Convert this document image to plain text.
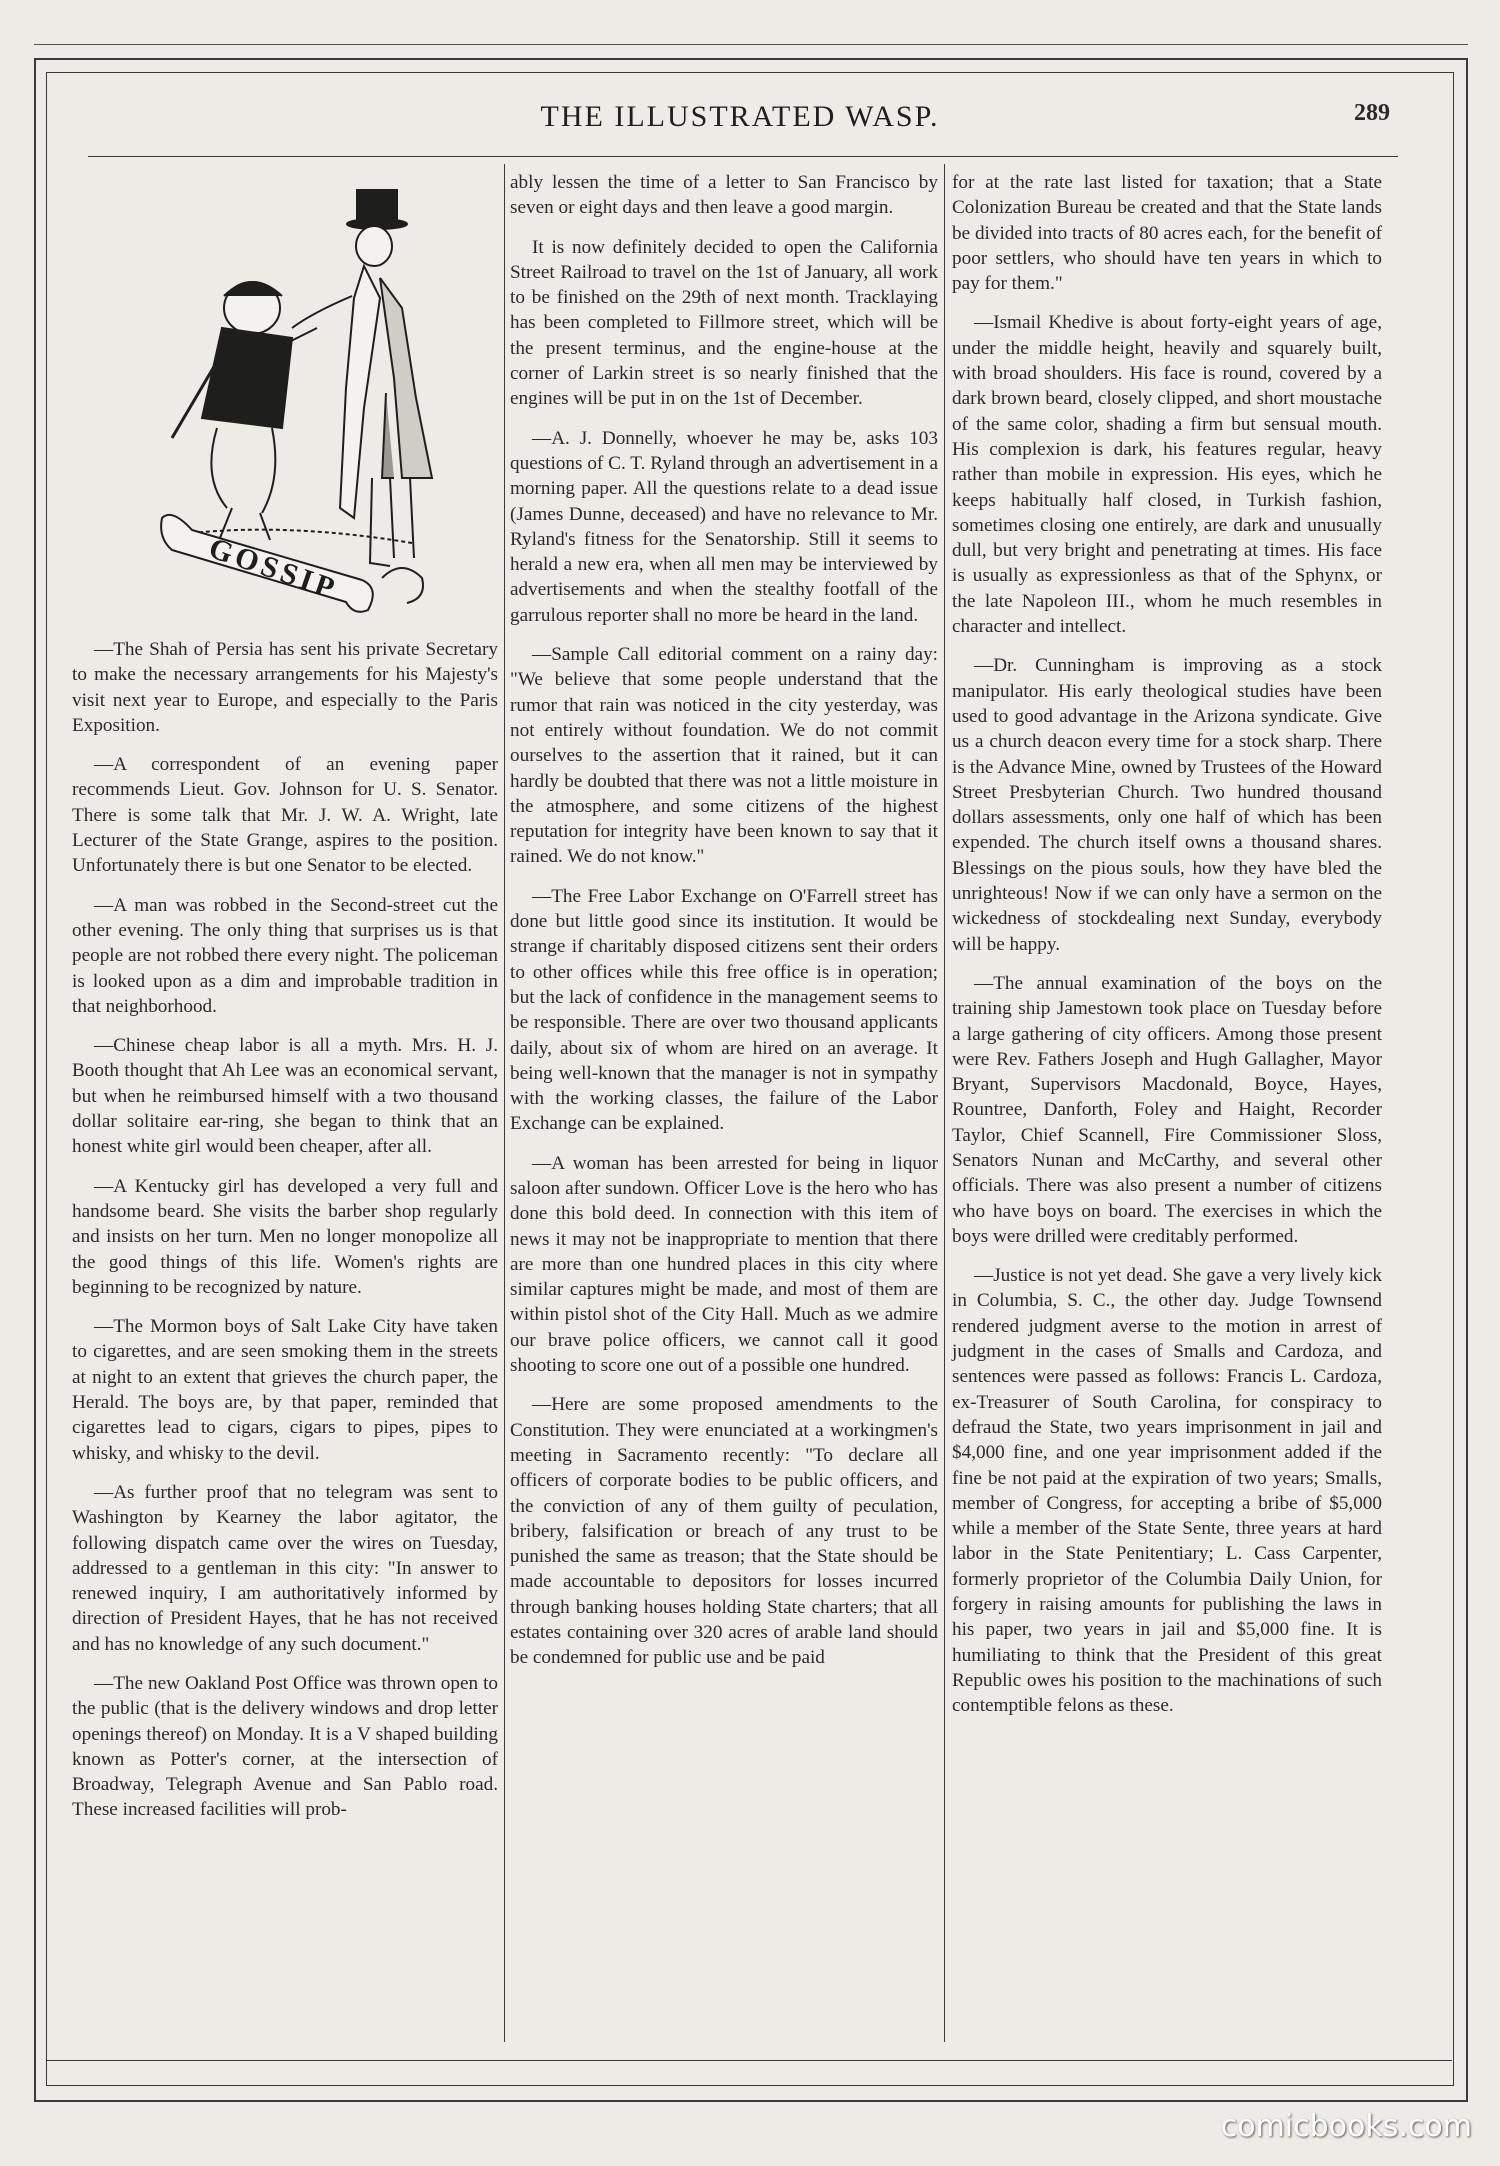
THE ILLUSTRATED WASP.	289
GOSSIP

—The Shah of Persia has sent his private Secretary to make the necessary arrangements for his Majesty's visit next year to Europe, and especially to the Paris Exposition.

—A correspondent of an evening paper recommends Lieut. Gov. Johnson for U. S. Senator. There is some talk that Mr. J. W. A. Wright, late Lecturer of the State Grange, aspires to the position. Unfortunately there is but one Senator to be elected.

—A man was robbed in the Second-street cut the other evening. The only thing that surprises us is that people are not robbed there every night. The policeman is looked upon as a dim and improbable tradition in that neighborhood.

—Chinese cheap labor is all a myth. Mrs. H. J. Booth thought that Ah Lee was an economical servant, but when he reimbursed himself with a two thousand dollar solitaire ear-ring, she began to think that an honest white girl would been cheaper, after all.

—A Kentucky girl has developed a very full and handsome beard. She visits the barber shop regularly and insists on her turn. Men no longer monopolize all the good things of this life. Women's rights are beginning to be recognized by nature.

—The Mormon boys of Salt Lake City have taken to cigarettes, and are seen smoking them in the streets at night to an extent that grieves the church paper, the Herald. The boys are, by that paper, reminded that cigarettes lead to cigars, cigars to pipes, pipes to whisky, and whisky to the devil.

—As further proof that no telegram was sent to Washington by Kearney the labor agitator, the following dispatch came over the wires on Tuesday, addressed to a gentleman in this city: "In answer to renewed inquiry, I am authoritatively informed by direction of President Hayes, that he has not received and has no knowledge of any such document."

—The new Oakland Post Office was thrown open to the public (that is the delivery windows and drop letter openings thereof) on Monday. It is a V shaped building known as Potter's corner, at the intersection of Broadway, Telegraph Avenue and San Pablo road. These increased facilities will prob-

ably lessen the time of a letter to San Francisco by seven or eight days and then leave a good margin.

It is now definitely decided to open the California Street Railroad to travel on the 1st of January, all work to be finished on the 29th of next month. Tracklaying has been completed to Fillmore street, which will be the present terminus, and the engine-house at the corner of Larkin street is so nearly finished that the engines will be put in on the 1st of December.

—A. J. Donnelly, whoever he may be, asks 103 questions of C. T. Ryland through an advertisement in a morning paper. All the questions relate to a dead issue (James Dunne, deceased) and have no relevance to Mr. Ryland's fitness for the Senatorship. Still it seems to herald a new era, when all men may be interviewed by advertisements and when the stealthy footfall of the garrulous reporter shall no more be heard in the land.

—Sample Call editorial comment on a rainy day: "We believe that some people understand that the rumor that rain was noticed in the city yesterday, was not entirely without foundation. We do not commit ourselves to the assertion that it rained, but it can hardly be doubted that there was not a little moisture in the atmosphere, and some citizens of the highest reputation for integrity have been known to say that it rained. We do not know."

—The Free Labor Exchange on O'Farrell street has done but little good since its institution. It would be strange if charitably disposed citizens sent their orders to other offices while this free office is in operation; but the lack of confidence in the management seems to be responsible. There are over two thousand applicants daily, about six of whom are hired on an average. It being well-known that the manager is not in sympathy with the working classes, the failure of the Labor Exchange can be explained.

—A woman has been arrested for being in liquor saloon after sundown. Officer Love is the hero who has done this bold deed. In connection with this item of news it may not be inappropriate to mention that there are more than one hundred places in this city where similar captures might be made, and most of them are within pistol shot of the City Hall. Much as we admire our brave police officers, we cannot call it good shooting to score one out of a possible one hundred.

—Here are some proposed amendments to the Constitution. They were enunciated at a workingmen's meeting in Sacramento recently: "To declare all officers of corporate bodies to be public officers, and the conviction of any of them guilty of peculation, bribery, falsification or breach of any trust to be punished the same as treason; that the State should be made accountable to depositors for losses incurred through banking houses holding State charters; that all estates containing over 320 acres of arable land should be condemned for public use and be paid

for at the rate last listed for taxation; that a State Colonization Bureau be created and that the State lands be divided into tracts of 80 acres each, for the benefit of poor settlers, who should have ten years in which to pay for them."

—Ismail Khedive is about forty-eight years of age, under the middle height, heavily and squarely built, with broad shoulders. His face is round, covered by a dark brown beard, closely clipped, and short moustache of the same color, shading a firm but sensual mouth. His complexion is dark, his features regular, heavy rather than mobile in expression. His eyes, which he keeps habitually half closed, in Turkish fashion, sometimes closing one entirely, are dark and unusually dull, but very bright and penetrating at times. His face is usually as expressionless as that of the Sphynx, or the late Napoleon III., whom he much resembles in character and intellect.

—Dr. Cunningham is improving as a stock manipulator. His early theological studies have been used to good advantage in the Arizona syndicate. Give us a church deacon every time for a stock sharp. There is the Advance Mine, owned by Trustees of the Howard Street Presbyterian Church. Two hundred thousand dollars assessments, only one half of which has been expended. The church itself owns a thousand shares. Blessings on the pious souls, how they have bled the unrighteous! Now if we can only have a sermon on the wickedness of stockdealing next Sunday, everybody will be happy.

—The annual examination of the boys on the training ship Jamestown took place on Tuesday before a large gathering of city officers. Among those present were Rev. Fathers Joseph and Hugh Gallagher, Mayor Bryant, Supervisors Macdonald, Boyce, Hayes, Rountree, Danforth, Foley and Haight, Recorder Taylor, Chief Scannell, Fire Commissioner Sloss, Senators Nunan and McCarthy, and several other officials. There was also present a number of citizens who have boys on board. The exercises in which the boys were drilled were creditably performed.

—Justice is not yet dead. She gave a very lively kick in Columbia, S. C., the other day. Judge Townsend rendered judgment averse to the motion in arrest of judgment in the cases of Smalls and Cardoza, and sentences were passed as follows: Francis L. Cardoza, ex-Treasurer of South Carolina, for conspiracy to defraud the State, two years imprisonment in jail and $4,000 fine, and one year imprisonment added if the fine be not paid at the expiration of two years; Smalls, member of Congress, for accepting a bribe of $5,000 while a member of the State Sente, three years at hard labor in the State Penitentiary; L. Cass Carpenter, formerly proprietor of the Columbia Daily Union, for forgery in raising amounts for publishing the laws in his paper, two years in jail and $5,000 fine. It is humiliating to think that the President of this great Republic owes his position to the machinations of such contemptible felons as these.

comicbooks.com
